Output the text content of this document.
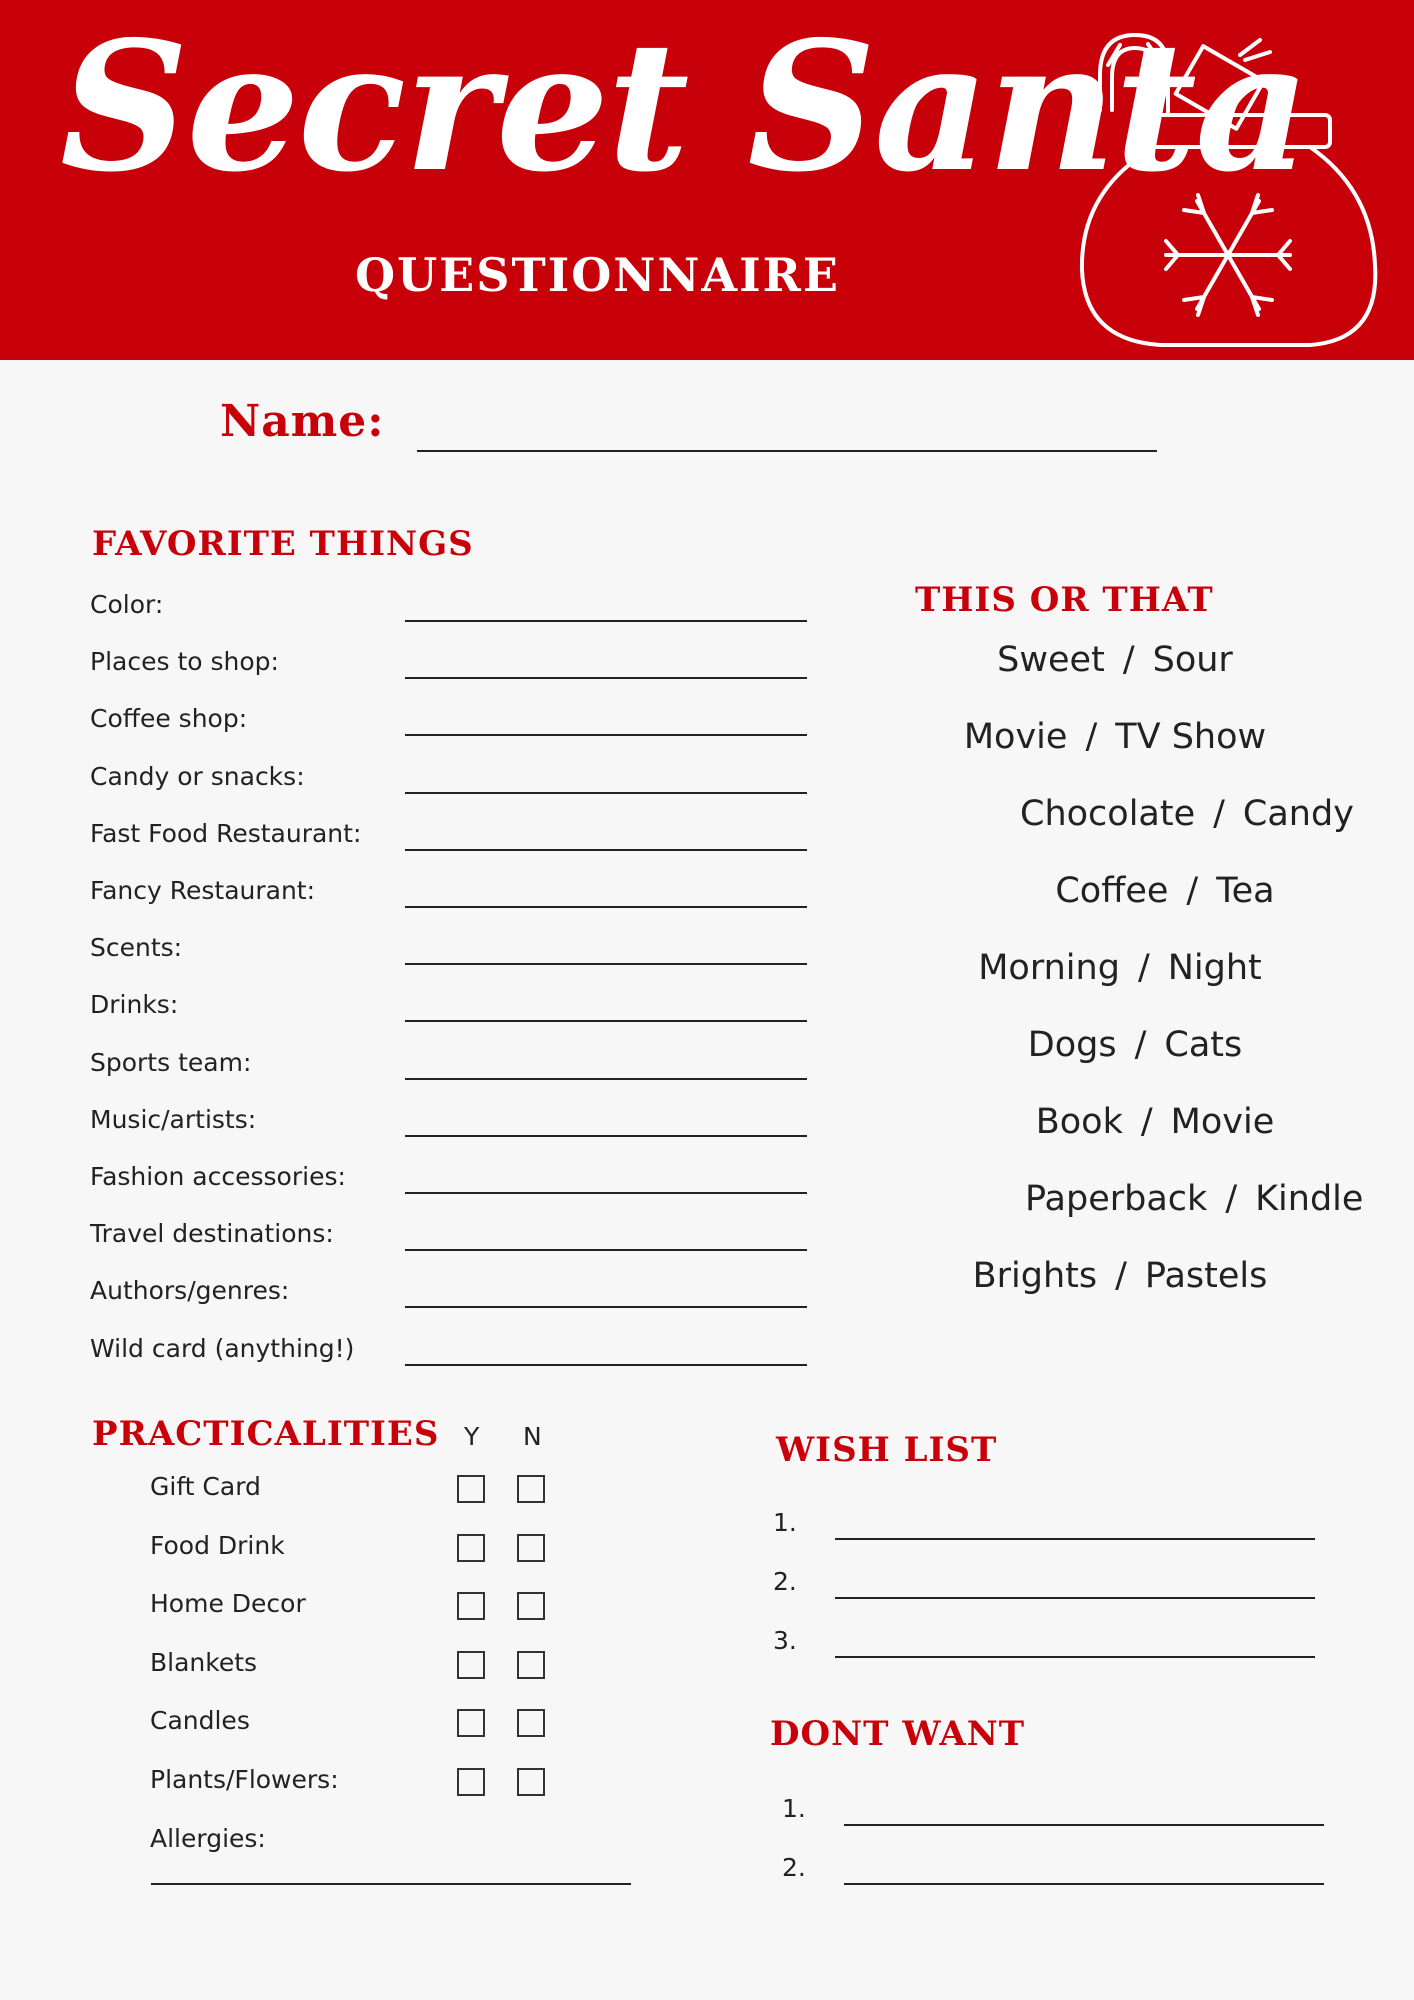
Secret Santa
QUESTIONNAIRE
Name:
FAVORITE THINGS
Color:
Places to shop:
Coffee shop:
Candy or snacks:
Fast Food Restaurant:
Fancy Restaurant:
Scents:
Drinks:
Sports team:
Music/artists:
Fashion accessories:
Travel destinations:
Authors/genres:
Wild card (anything!)
THIS OR THAT
Sweet / Sour
Movie / TV Show
Chocolate / Candy
Coffee / Tea
Morning / Night
Dogs / Cats
Book / Movie
Paperback / Kindle
Brights / Pastels
PRACTICALITIES Y N
Gift Card
Food Drink
Home Decor
Blankets
Candles
Plants/Flowers:
Allergies:
WISH LIST
1.
2.
3.
DONT WANT
1.
2.
